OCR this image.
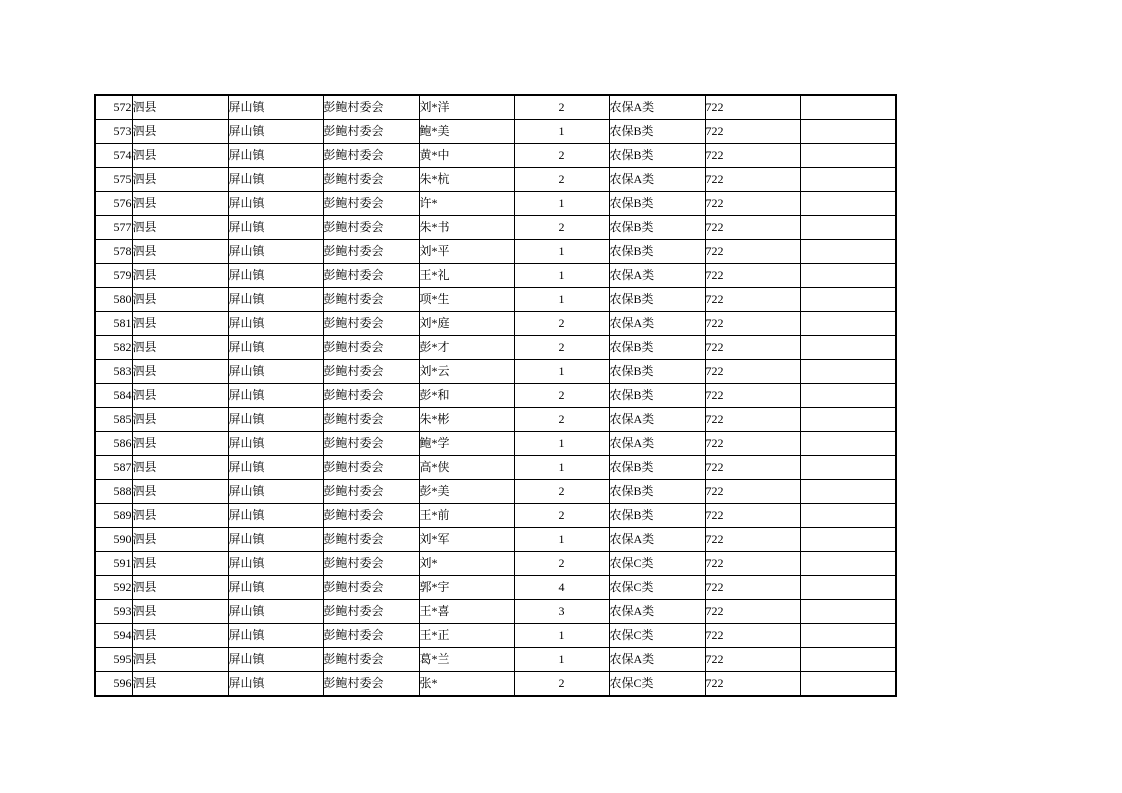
572	泗县	屏山镇	彭鲍村委会	刘*洋	2	农保A类	722	
573	泗县	屏山镇	彭鲍村委会	鲍*美	1	农保B类	722	
574	泗县	屏山镇	彭鲍村委会	黄*中	2	农保B类	722	
575	泗县	屏山镇	彭鲍村委会	朱*杭	2	农保A类	722	
576	泗县	屏山镇	彭鲍村委会	许*	1	农保B类	722	
577	泗县	屏山镇	彭鲍村委会	朱*书	2	农保B类	722	
578	泗县	屏山镇	彭鲍村委会	刘*平	1	农保B类	722	
579	泗县	屏山镇	彭鲍村委会	王*礼	1	农保A类	722	
580	泗县	屏山镇	彭鲍村委会	项*生	1	农保B类	722	
581	泗县	屏山镇	彭鲍村委会	刘*庭	2	农保A类	722	
582	泗县	屏山镇	彭鲍村委会	彭*才	2	农保B类	722	
583	泗县	屏山镇	彭鲍村委会	刘*云	1	农保B类	722	
584	泗县	屏山镇	彭鲍村委会	彭*和	2	农保B类	722	
585	泗县	屏山镇	彭鲍村委会	朱*彬	2	农保A类	722	
586	泗县	屏山镇	彭鲍村委会	鲍*学	1	农保A类	722	
587	泗县	屏山镇	彭鲍村委会	高*侠	1	农保B类	722	
588	泗县	屏山镇	彭鲍村委会	彭*美	2	农保B类	722	
589	泗县	屏山镇	彭鲍村委会	王*前	2	农保B类	722	
590	泗县	屏山镇	彭鲍村委会	刘*军	1	农保A类	722	
591	泗县	屏山镇	彭鲍村委会	刘*	2	农保C类	722	
592	泗县	屏山镇	彭鲍村委会	郭*宇	4	农保C类	722	
593	泗县	屏山镇	彭鲍村委会	王*喜	3	农保A类	722	
594	泗县	屏山镇	彭鲍村委会	王*正	1	农保C类	722	
595	泗县	屏山镇	彭鲍村委会	葛*兰	1	农保A类	722	
596	泗县	屏山镇	彭鲍村委会	张*	2	农保C类	722	
